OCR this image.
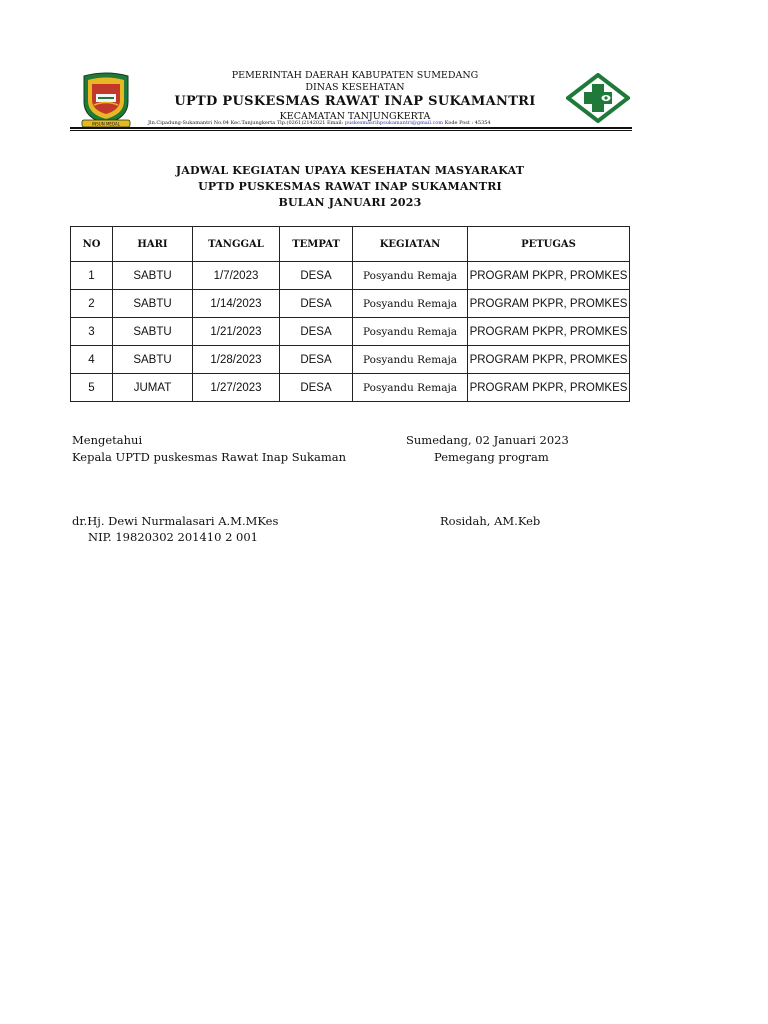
INSUN MEDAL
PEMERINTAH DAERAH KABUPATEN SUMEDANG
DINAS KESEHATAN
UPTD PUSKESMAS RAWAT INAP SUKAMANTRI
KECAMATAN TANJUNGKERTA
Jln.Cipadung-Sukamantri No.04 Kec.Tanjungkerta Tlp.(0261)2142021 Email: puskesmasrihpsukamantri@gmail.com Kode Post : 45354
JADWAL KEGIATAN UPAYA KESEHATAN MASYARAKAT
UPTD PUSKESMAS RAWAT INAP SUKAMANTRI
BULAN JANUARI 2023
NO	HARI	TANGGAL	TEMPAT	KEGIATAN	PETUGAS
1	SABTU	1/7/2023	DESA	Posyandu Remaja	PROGRAM PKPR, PROMKES
2	SABTU	1/14/2023	DESA	Posyandu Remaja	PROGRAM PKPR, PROMKES
3	SABTU	1/21/2023	DESA	Posyandu Remaja	PROGRAM PKPR, PROMKES
4	SABTU	1/28/2023	DESA	Posyandu Remaja	PROGRAM PKPR, PROMKES
5	JUMAT	1/27/2023	DESA	Posyandu Remaja	PROGRAM PKPR, PROMKES
Mengetahui
Kepala UPTD puskesmas Rawat Inap Sukaman
dr.Hj. Dewi Nurmalasari A.M.MKes
NIP. 19820302 201410 2 001
Sumedang, 02 Januari 2023
Pemegang program
Rosidah, AM.Keb
